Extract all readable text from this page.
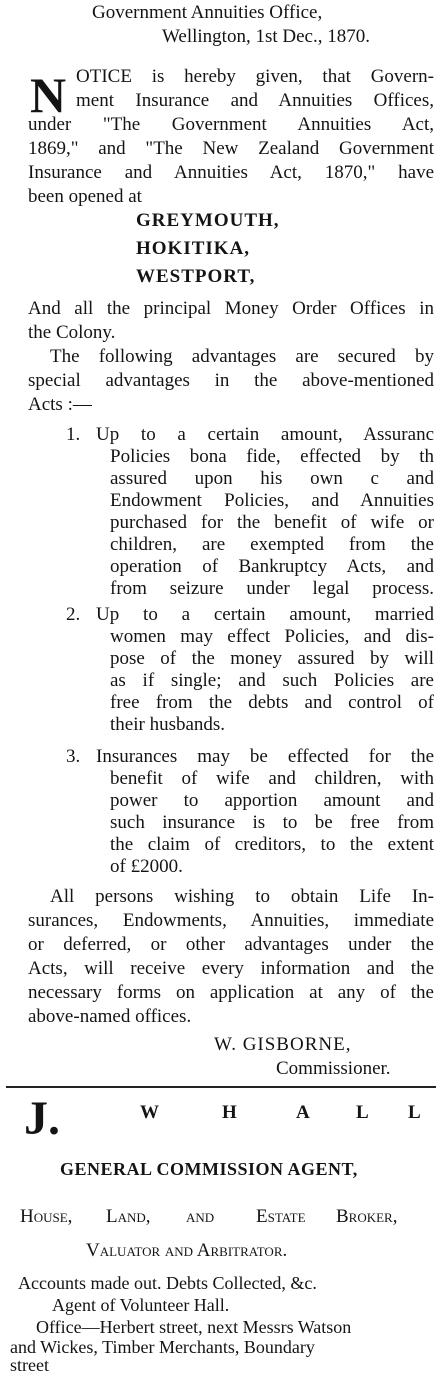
Government Annuities Office,
Wellington, 1st Dec., 1870.
N OTICE is hereby given, that Govern-
ment Insurance and Annuities Offices,
under "The Government Annuities Act,
1869," and "The New Zealand Government
Insurance and Annuities Act, 1870," have
been opened at
GREYMOUTH,
HOKITIKA,
WESTPORT,
And all the principal Money Order Offices in
the Colony.
The following advantages are secured by
special advantages in the above-mentioned
Acts :—
1. Up to a certain amount, Assuranc
Policies bona fide, effected by th
assured upon his own c and
Endowment Policies, and Annuities
purchased for the benefit of wife or
children, are exempted from the
operation of Bankruptcy Acts, and
from seizure under legal process.
2. Up to a certain amount, married
women may effect Policies, and dis-
pose of the money assured by will
as if single; and such Policies are
free from the debts and control of
their husbands.
3. Insurances may be effected for the
benefit of wife and children, with
power to apportion amount and
such insurance is to be free from
the claim of creditors, to the extent
of £2000.
All persons wishing to obtain Life In-
surances, Endowments, Annuities, immediate
or deferred, or other advantages under the
Acts, will receive every information and the
necessary forms on application at any of the
above-named offices.
W. GISBORNE,
Commissioner.
J.	W	H	A L L
GENERAL COMMISSION AGENT,
House, Land, and Estate Broker,
Valuator and Arbitrator.
Accounts made out. Debts Collected, &c.
Agent of Volunteer Hall.
Office—Herbert street, next Messrs Watson
and Wickes, Timber Merchants, Boundary
street
